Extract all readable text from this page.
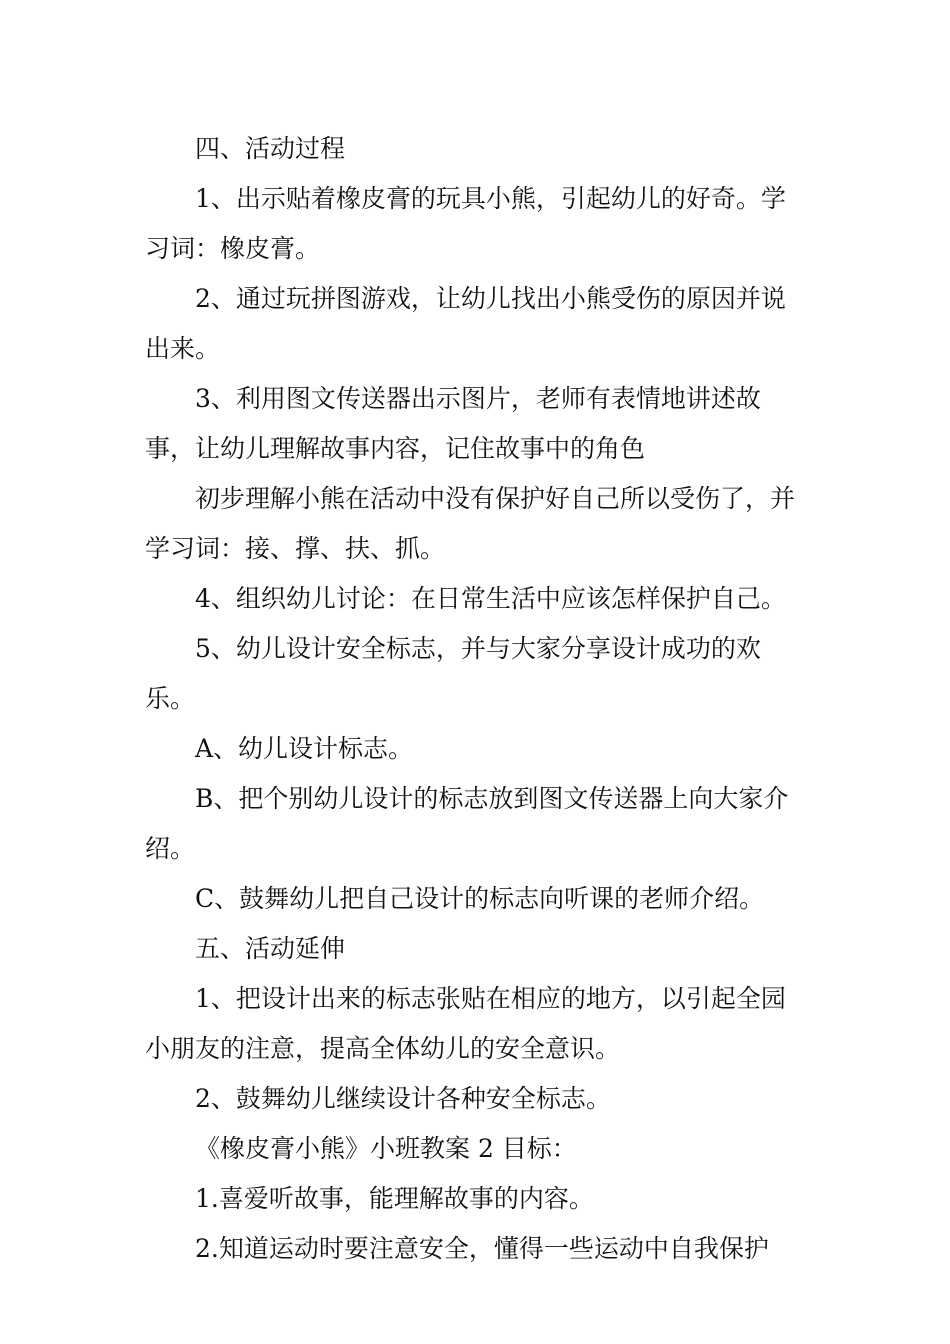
四、活动过程

1、出示贴着橡皮膏的玩具小熊，引起幼儿的好奇。学习词：橡皮膏。

2、通过玩拼图游戏，让幼儿找出小熊受伤的原因并说出来。

3、利用图文传送器出示图片，老师有表情地讲述故事，让幼儿理解故事内容，记住故事中的角色

初步理解小熊在活动中没有保护好自己所以受伤了，并学习词：接、撑、扶、抓。

4、组织幼儿讨论：在日常生活中应该怎样保护自己。

5、幼儿设计安全标志，并与大家分享设计成功的欢乐。

A、幼儿设计标志。

B、把个别幼儿设计的标志放到图文传送器上向大家介绍。

C、鼓舞幼儿把自己设计的标志向听课的老师介绍。

五、活动延伸

1、把设计出来的标志张贴在相应的地方，以引起全园小朋友的注意，提高全体幼儿的安全意识。

2、鼓舞幼儿继续设计各种安全标志。

《橡皮膏小熊》小班教案 2 目标：

1.喜爱听故事，能理解故事的内容。

2.知道运动时要注意安全，懂得一些运动中自我保护
